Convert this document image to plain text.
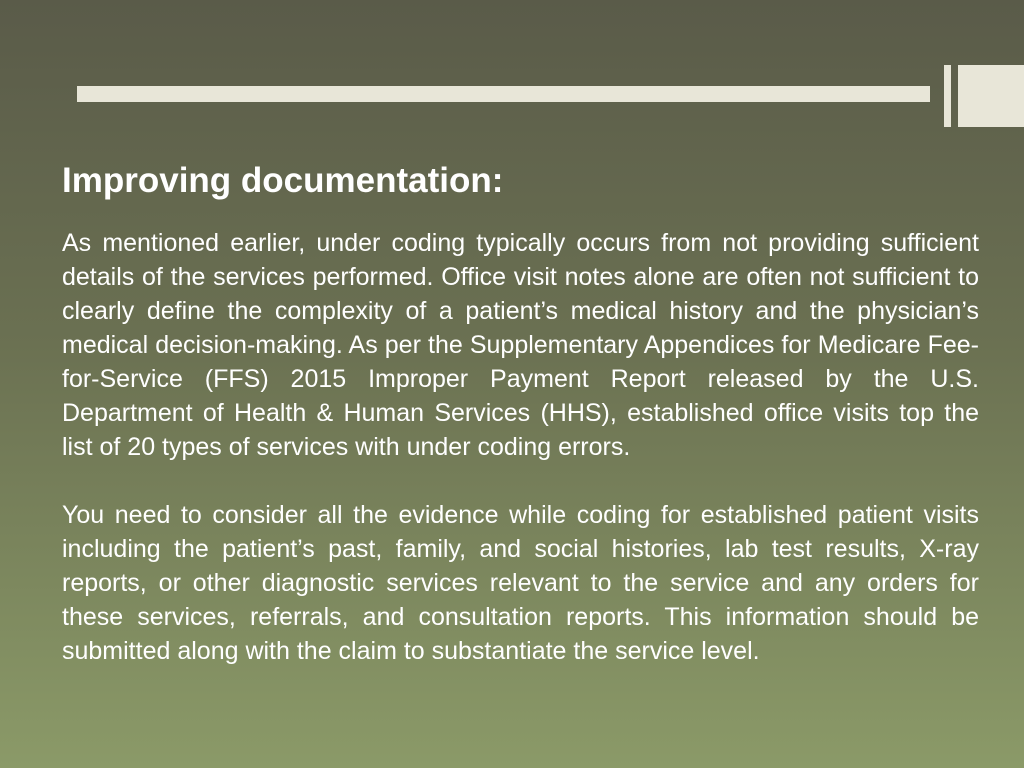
Improving documentation:

As mentioned earlier, under coding typically occurs from not providing sufficient details of the services performed. Office visit notes alone are often not sufficient to clearly define the complexity of a patient’s medical history and the physician’s medical decision-making. As per the Supplementary Appendices for Medicare Fee-for-Service (FFS) 2015 Improper Payment Report released by the U.S. Department of Health & Human Services (HHS), established office visits top the list of 20 types of services with under coding errors.

You need to consider all the evidence while coding for established patient visits including the patient’s past, family, and social histories, lab test results, X-ray reports, or other diagnostic services relevant to the service and any orders for these services, referrals, and consultation reports. This information should be submitted along with the claim to substantiate the service level.
